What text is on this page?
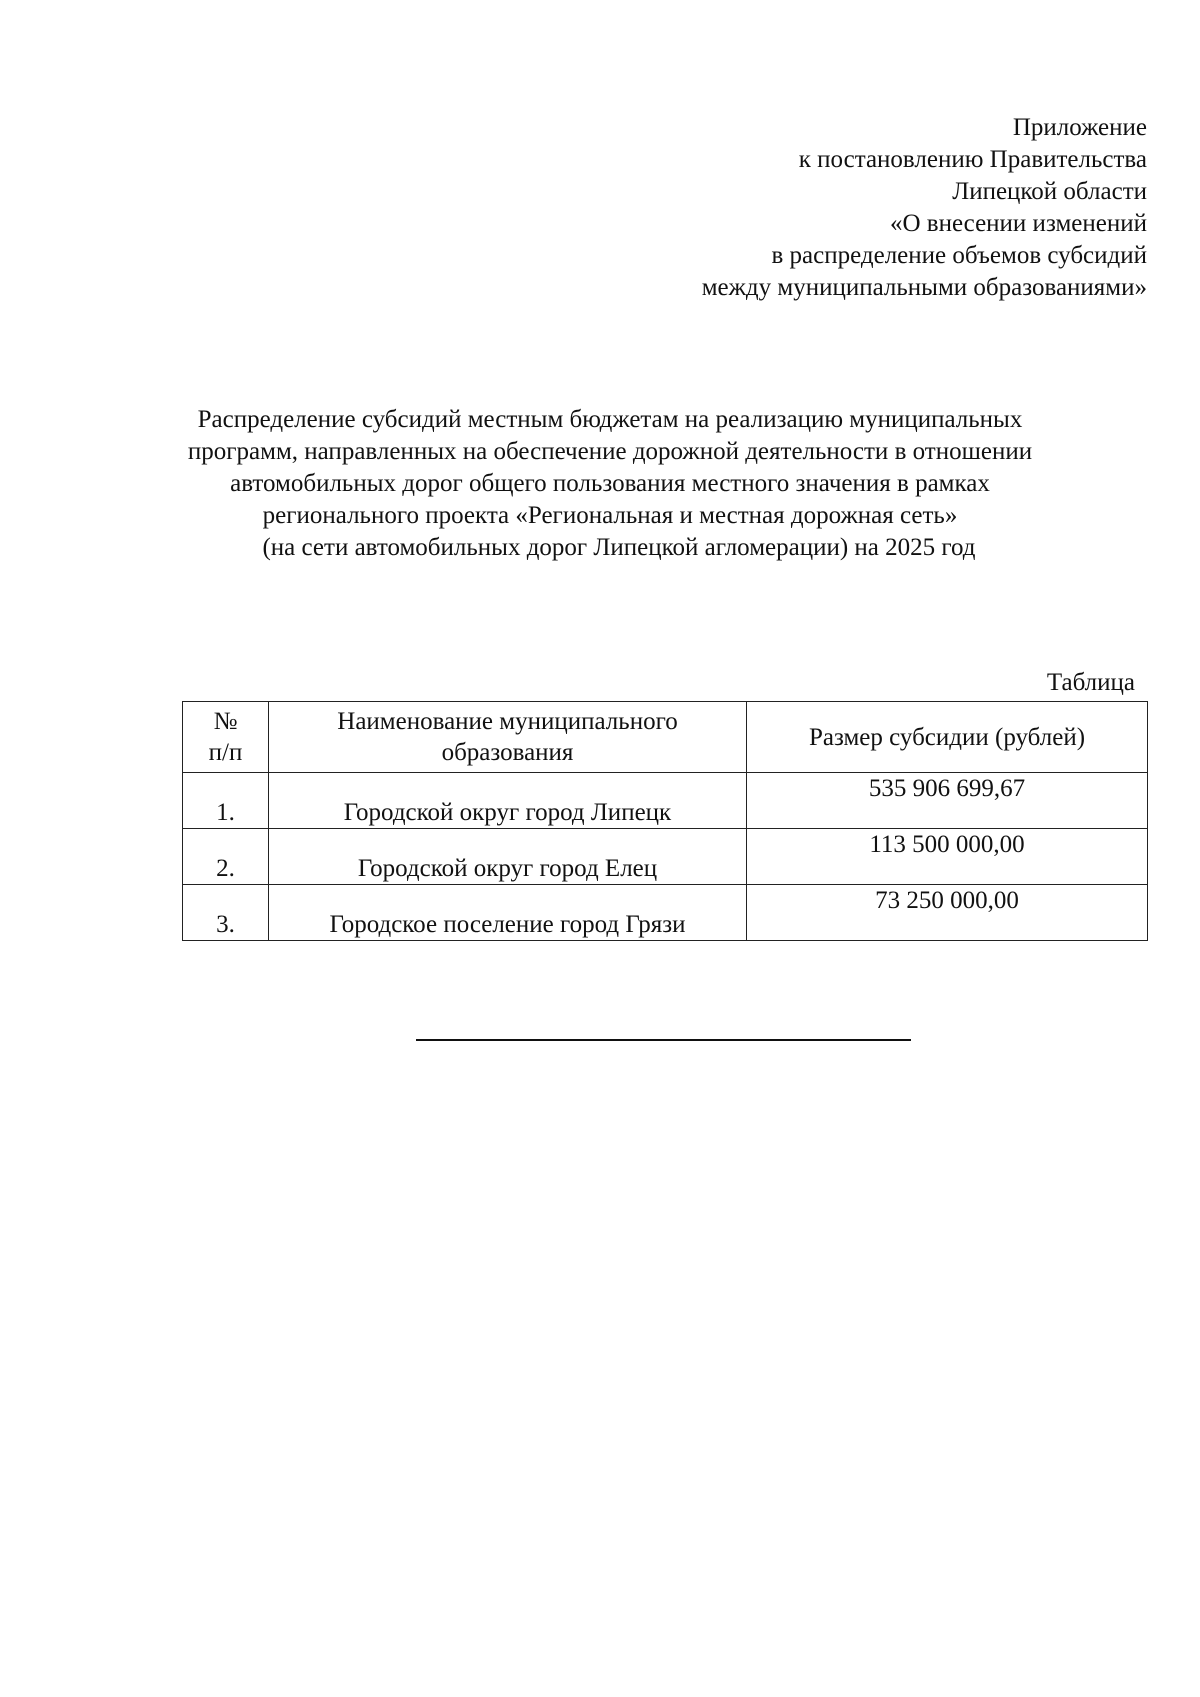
Приложение
к постановлению Правительства
Липецкой области
«О внесении изменений
в распределение объемов субсидий
между муниципальными образованиями»
Распределение субсидий местным бюджетам на реализацию муниципальных
программ, направленных на обеспечение дорожной деятельности в отношении
автомобильных дорог общего пользования местного значения в рамках
регионального проекта «Региональная и местная дорожная сеть»
(на сети автомобильных дорог Липецкой агломерации) на 2025 год
Таблица
№
п/п	Наименование муниципального образования	Размер субсидии (рублей)
1.	Городской округ город Липецк	535 906 699,67
2.	Городской округ город Елец	113 500 000,00
3.	Городское поселение город Грязи	73 250 000,00
